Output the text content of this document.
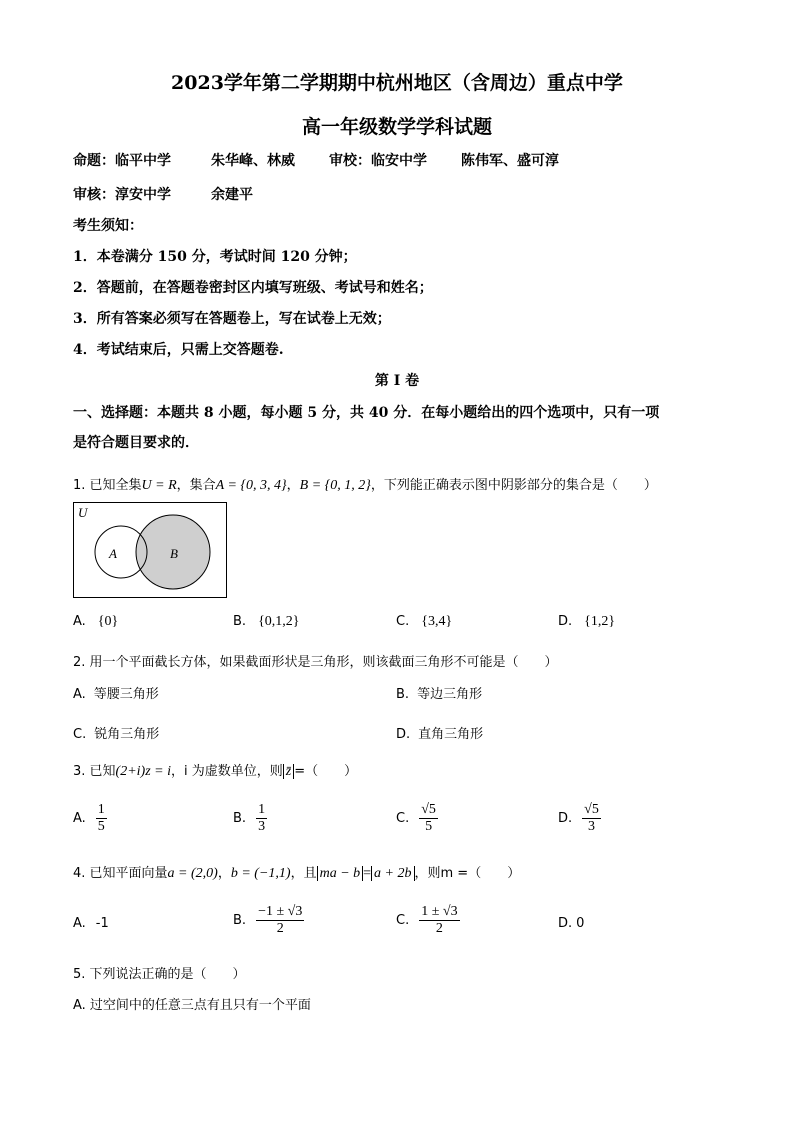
2023学年第二学期期中杭州地区（含周边）重点中学
高一年级数学学科试题
命题：临平中学	朱华峰、林威 审校：临安中学 陈伟军、盛可淳
审核：淳安中学	余建平
考生须知：
1．本卷满分 150 分，考试时间 120 分钟；
2．答题前，在答题卷密封区内填写班级、考试号和姓名；
3．所有答案必须写在答题卷上，写在试卷上无效；
4．考试结束后，只需上交答题卷.
第 I 卷
一、选择题：本题共 8 小题，每小题 5 分，共 40 分．在每小题给出的四个选项中，只有一项
是符合题目要求的．
1. 已知全集U = R，集合A = {0, 3, 4}，B = {0, 1, 2}，下列能正确表示图中阴影部分的集合是（　　）
U
A	B
A. {0}	B. {0,1,2}	C. {3,4}	D. {1,2}
2. 用一个平面截长方体，如果截面形状是三角形，则该截面三角形不可能是（　　）
A. 等腰三角形	B. 等边三角形
C. 锐角三角形	D. 直角三角形
3. 已知(2+i)z = i，i 为虚数单位，则 z̄ =（　　）
A. $\frac{1}{5}$	B. $\frac{1}{3}$	C. $\frac{√5}{5}$	D. $\frac{√5}{3}$
4. 已知平面向量a = (2,0)，b = (−1,1)，且 ma − b = a + 2b ，则m =（　　）
A. -1	B. $\frac{-1 \pm √3}{2}$	C. $\frac{1 \pm √3}{2}$	D. 0
5. 下列说法正确的是（　　）
A. 过空间中的任意三点有且只有一个平面
